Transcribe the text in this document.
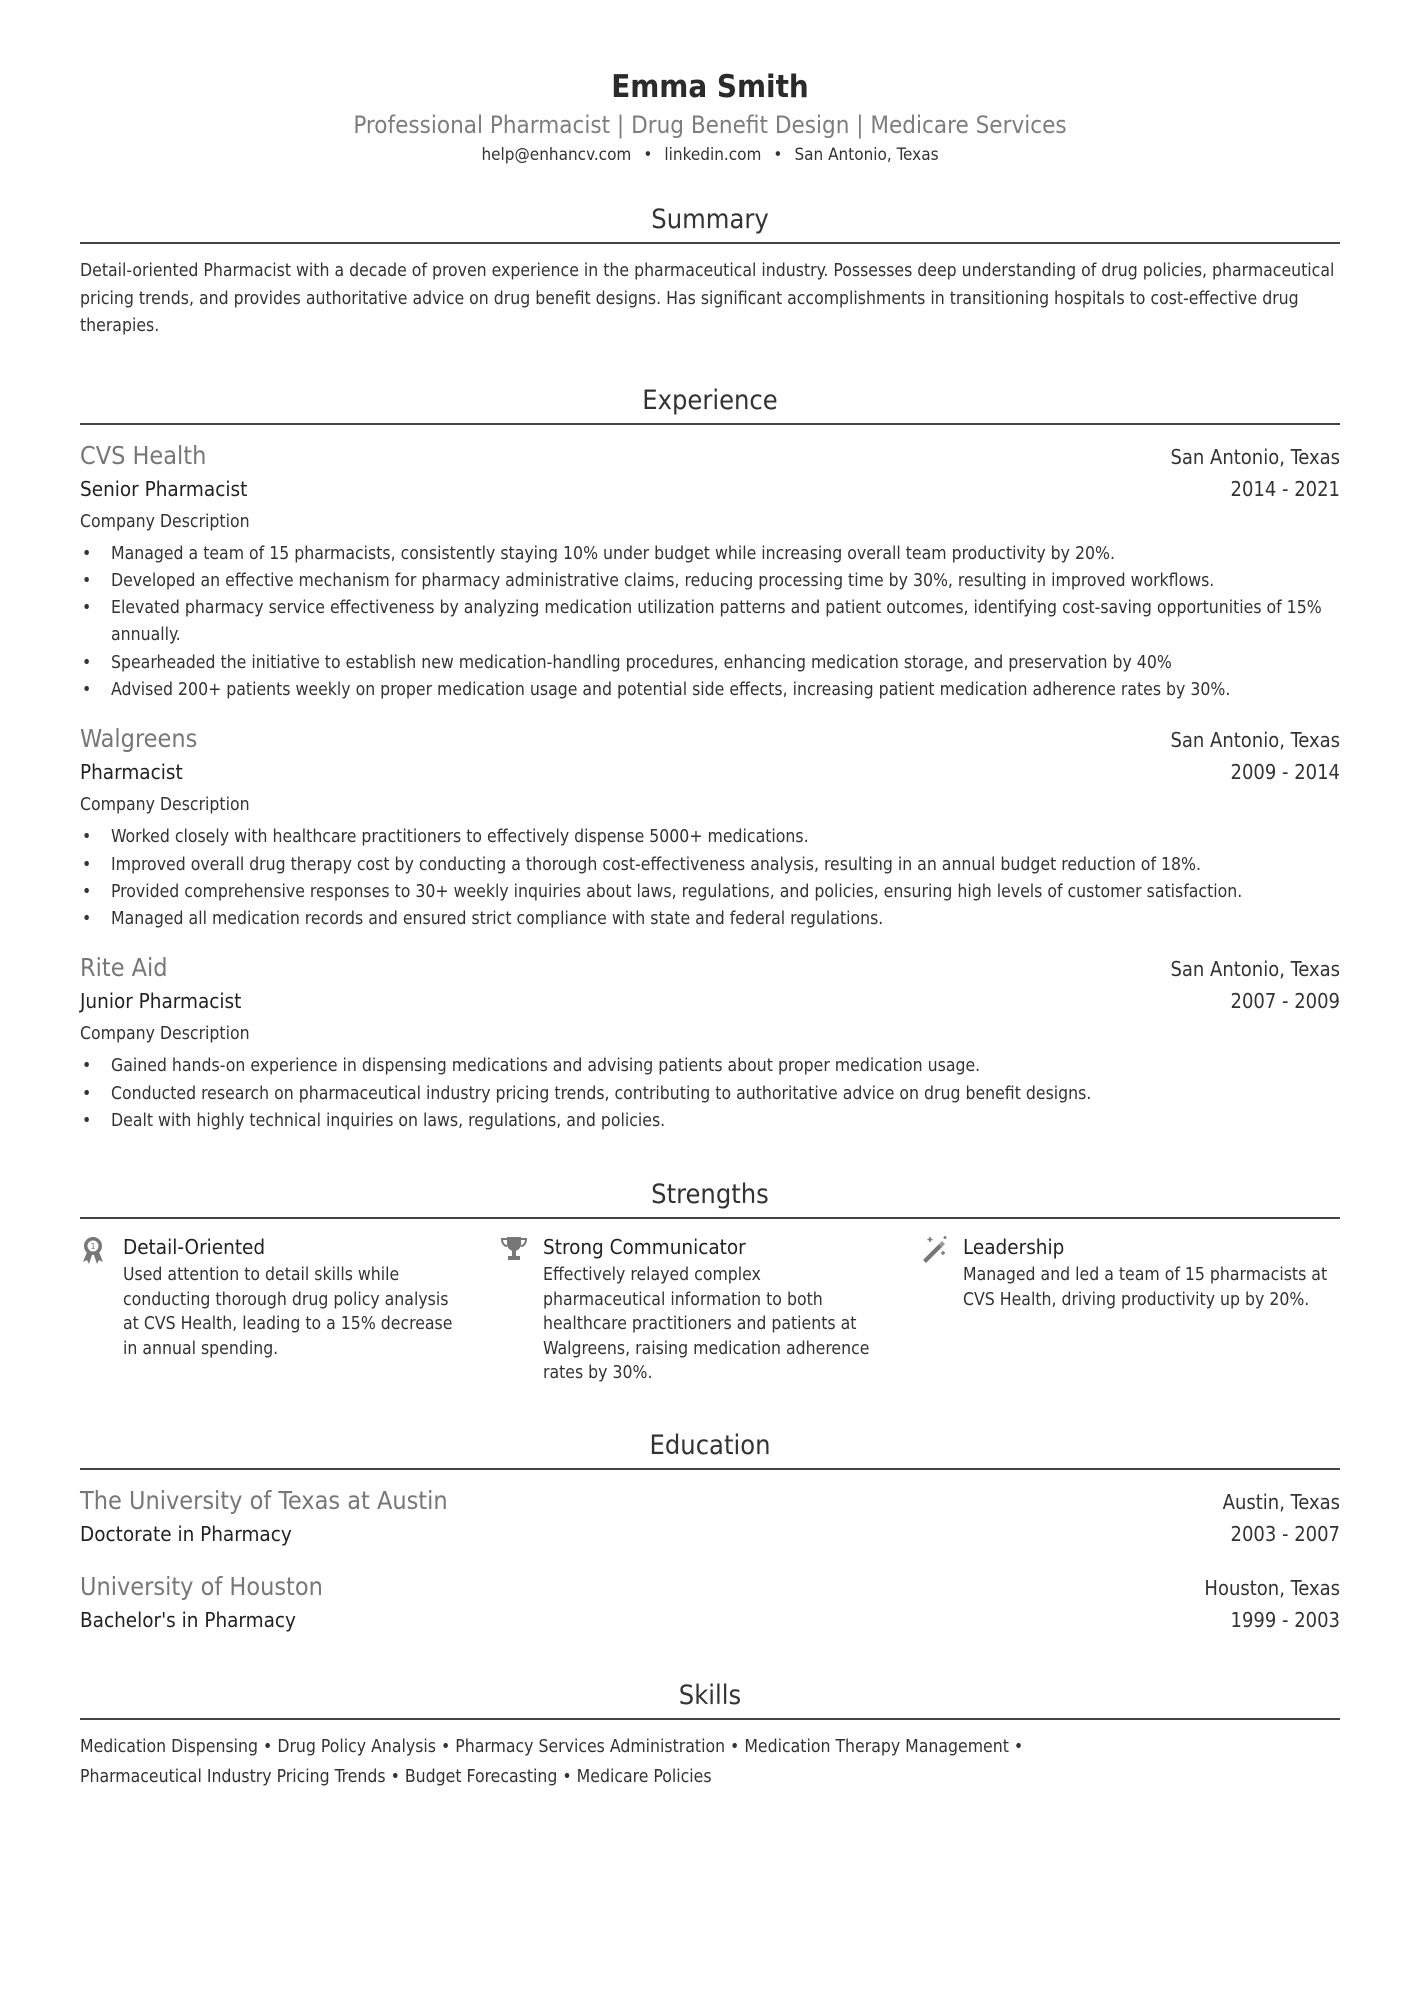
Emma Smith
Professional Pharmacist | Drug Benefit Design | Medicare Services
help@enhancv.com • linkedin.com • San Antonio, Texas
Summary
Detail-oriented Pharmacist with a decade of proven experience in the pharmaceutical industry. Possesses deep understanding of drug policies, pharmaceutical pricing trends, and provides authoritative advice on drug benefit designs. Has significant accomplishments in transitioning hospitals to cost-effective drug therapies.
Experience
CVS Health	San Antonio, Texas
Senior Pharmacist	2014 - 2021
Company Description
• Managed a team of 15 pharmacists, consistently staying 10% under budget while increasing overall team productivity by 20%.
• Developed an effective mechanism for pharmacy administrative claims, reducing processing time by 30%, resulting in improved workflows.
• Elevated pharmacy service effectiveness by analyzing medication utilization patterns and patient outcomes, identifying cost-saving opportunities of 15% annually.
• Spearheaded the initiative to establish new medication-handling procedures, enhancing medication storage, and preservation by 40%
• Advised 200+ patients weekly on proper medication usage and potential side effects, increasing patient medication adherence rates by 30%.
Walgreens	San Antonio, Texas
Pharmacist	2009 - 2014
Company Description
• Worked closely with healthcare practitioners to effectively dispense 5000+ medications.
• Improved overall drug therapy cost by conducting a thorough cost-effectiveness analysis, resulting in an annual budget reduction of 18%.
• Provided comprehensive responses to 30+ weekly inquiries about laws, regulations, and policies, ensuring high levels of customer satisfaction.
• Managed all medication records and ensured strict compliance with state and federal regulations.
Rite Aid	San Antonio, Texas
Junior Pharmacist	2007 - 2009
Company Description
• Gained hands-on experience in dispensing medications and advising patients about proper medication usage.
• Conducted research on pharmaceutical industry pricing trends, contributing to authoritative advice on drug benefit designs.
• Dealt with highly technical inquiries on laws, regulations, and policies.
Strengths
1 Detail-Oriented
Used attention to detail skills while conducting thorough drug policy analysis at CVS Health, leading to a 15% decrease in annual spending.
Strong Communicator
Effectively relayed complex pharmaceutical information to both healthcare practitioners and patients at Walgreens, raising medication adherence rates by 30%.
Leadership
Managed and led a team of 15 pharmacists at CVS Health, driving productivity up by 20%.
Education
The University of Texas at Austin	Austin, Texas
Doctorate in Pharmacy	2003 - 2007
University of Houston	Houston, Texas
Bachelor's in Pharmacy	1999 - 2003
Skills
Medication Dispensing • Drug Policy Analysis • Pharmacy Services Administration • Medication Therapy Management •
Pharmaceutical Industry Pricing Trends • Budget Forecasting • Medicare Policies
